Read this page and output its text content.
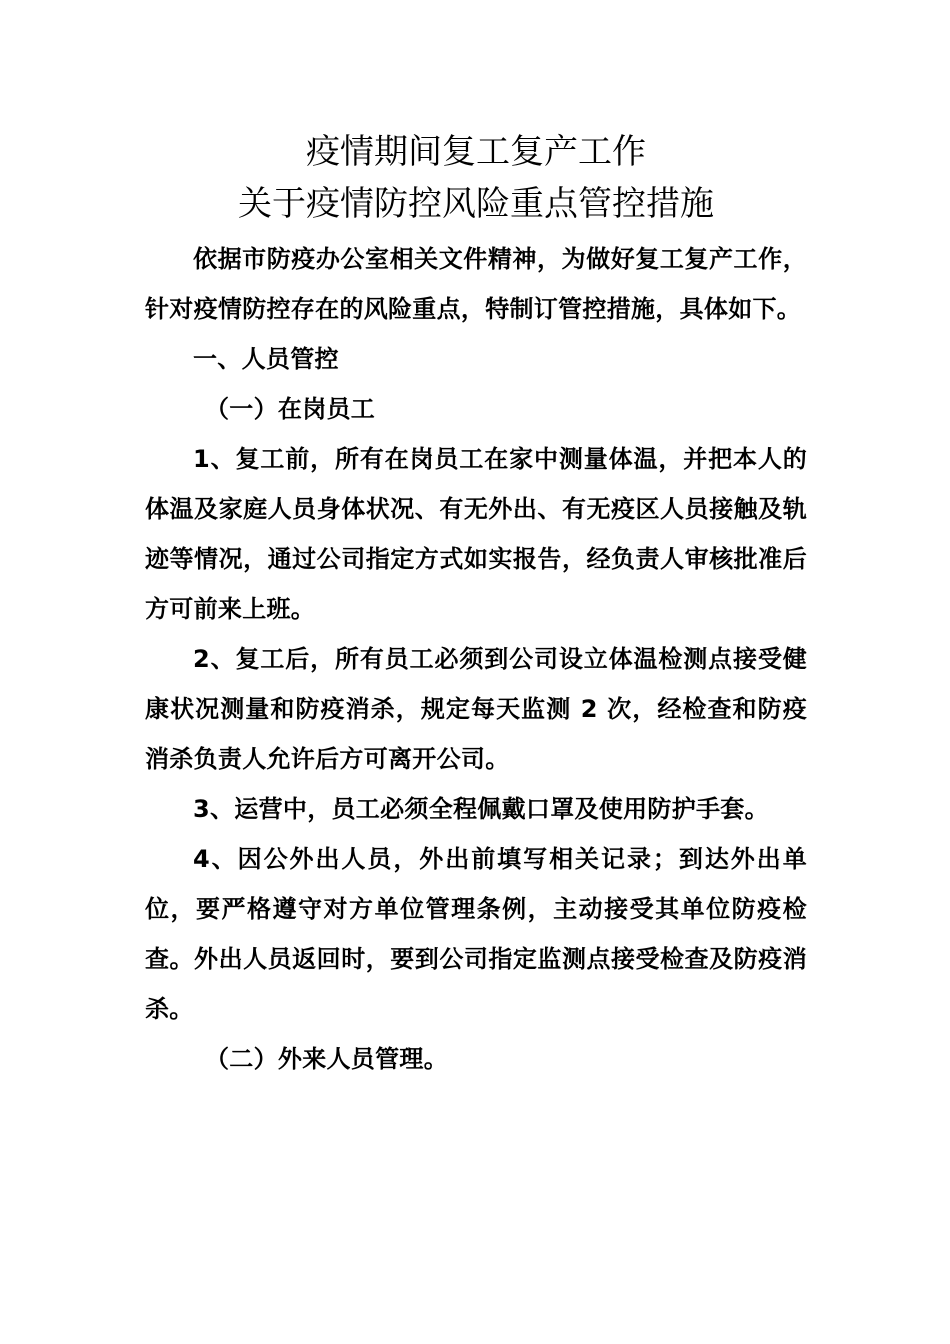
疫情期间复工复产工作
关于疫情防控风险重点管控措施

依据市防疫办公室相关文件精神，为做好复工复产工作，针对疫情防控存在的风险重点，特制订管控措施，具体如下。

一、人员管控

（一）在岗员工

1、复工前，所有在岗员工在家中测量体温，并把本人的体温及家庭人员身体状况、有无外出、有无疫区人员接触及轨迹等情况，通过公司指定方式如实报告，经负责人审核批准后方可前来上班。

2、复工后，所有员工必须到公司设立体温检测点接受健康状况测量和防疫消杀，规定每天监测 2 次，经检查和防疫消杀负责人允许后方可离开公司。

3、运营中，员工必须全程佩戴口罩及使用防护手套。

4、因公外出人员，外出前填写相关记录；到达外出单位，要严格遵守对方单位管理条例，主动接受其单位防疫检查。外出人员返回时，要到公司指定监测点接受检查及防疫消杀。

（二）外来人员管理。
